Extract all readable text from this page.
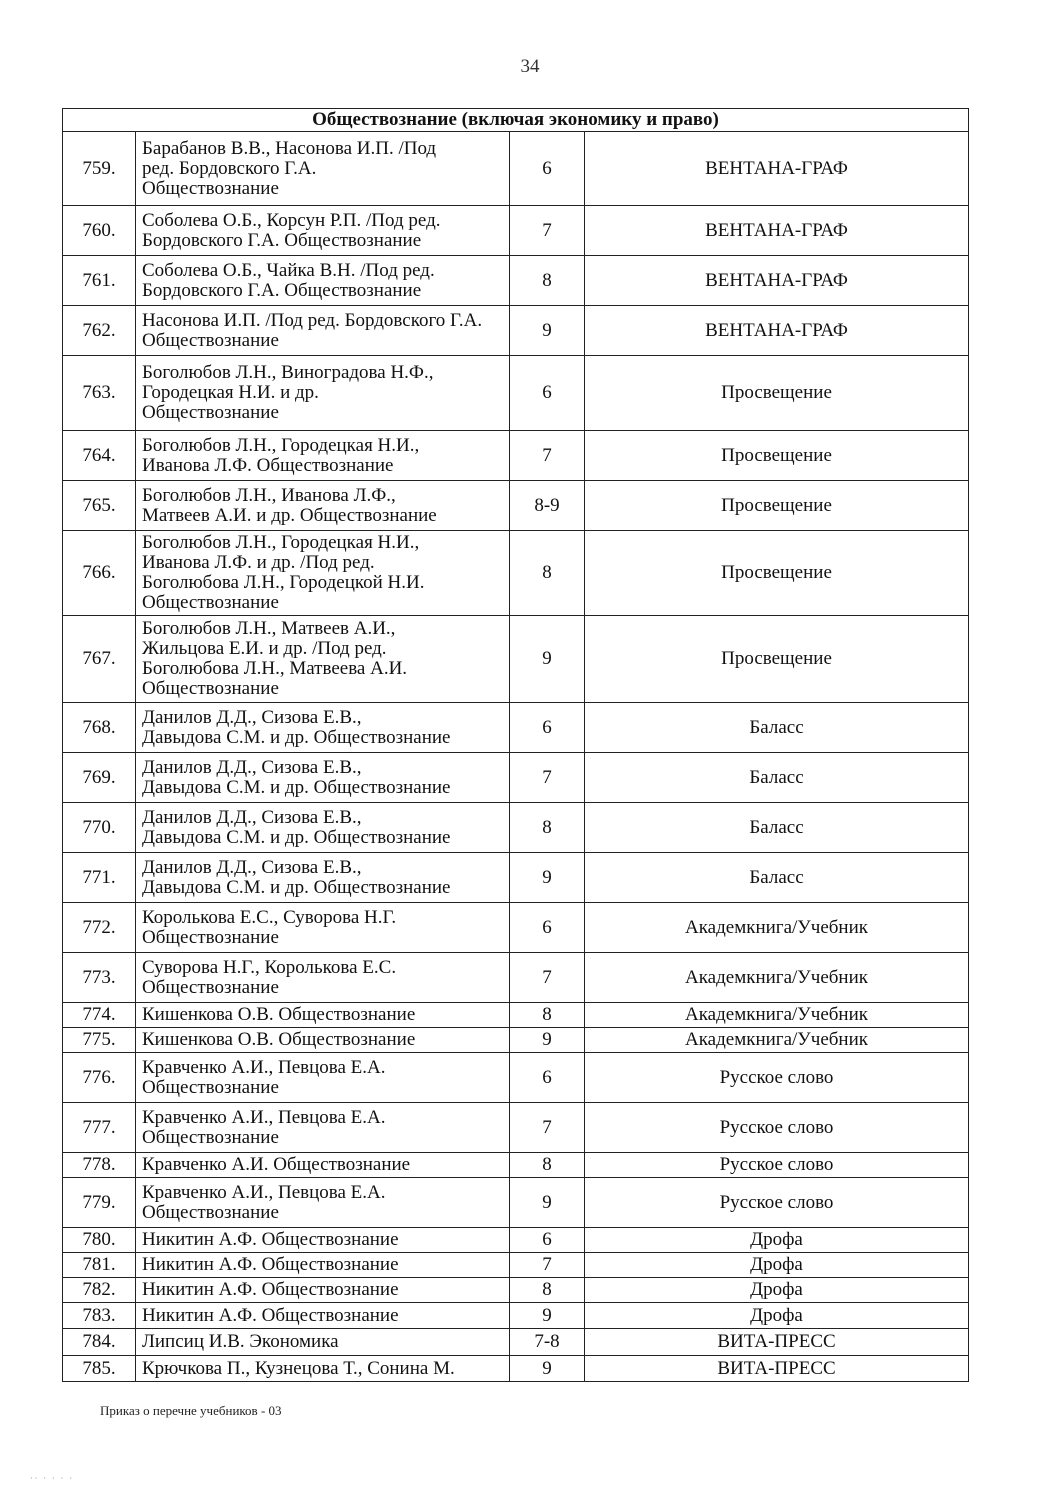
34
Обществознание (включая экономику и право)			
759.	Барабанов В.В., Насонова И.П. /Под
ред. Бордовского Г.А.
Обществознание	6	ВЕНТАНА-ГРАФ
760.	Соболева О.Б., Корсун Р.П. /Под ред.
Бордовского Г.А. Обществознание	7	ВЕНТАНА-ГРАФ
761.	Соболева О.Б., Чайка В.Н. /Под ред.
Бордовского Г.А. Обществознание	8	ВЕНТАНА-ГРАФ
762.	Насонова И.П. /Под ред. Бордовского Г.А.
Обществознание	9	ВЕНТАНА-ГРАФ
763.	Боголюбов Л.Н., Виноградова Н.Ф.,
Городецкая Н.И. и др.
Обществознание	6	Просвещение
764.	Боголюбов Л.Н., Городецкая Н.И.,
Иванова Л.Ф. Обществознание	7	Просвещение
765.	Боголюбов Л.Н., Иванова Л.Ф.,
Матвеев А.И. и др. Обществознание	8-9	Просвещение
766.	Боголюбов Л.Н., Городецкая Н.И.,
Иванова Л.Ф. и др. /Под ред.
Боголюбова Л.Н., Городецкой Н.И.
Обществознание	8	Просвещение
767.	Боголюбов Л.Н., Матвеев А.И.,
Жильцова Е.И. и др. /Под ред.
Боголюбова Л.Н., Матвеева А.И.
Обществознание	9	Просвещение
768.	Данилов Д.Д., Сизова Е.В.,
Давыдова С.М. и др. Обществознание	6	Баласс
769.	Данилов Д.Д., Сизова Е.В.,
Давыдова С.М. и др. Обществознание	7	Баласс
770.	Данилов Д.Д., Сизова Е.В.,
Давыдова С.М. и др. Обществознание	8	Баласс
771.	Данилов Д.Д., Сизова Е.В.,
Давыдова С.М. и др. Обществознание	9	Баласс
772.	Королькова Е.С., Суворова Н.Г.
Обществознание	6	Академкнига/Учебник
773.	Суворова Н.Г., Королькова Е.С.
Обществознание	7	Академкнига/Учебник
774.	Кишенкова О.В. Обществознание	8	Академкнига/Учебник
775.	Кишенкова О.В. Обществознание	9	Академкнига/Учебник
776.	Кравченко А.И., Певцова Е.А.
Обществознание	6	Русское слово
777.	Кравченко А.И., Певцова Е.А.
Обществознание	7	Русское слово
778.	Кравченко А.И. Обществознание	8	Русское слово
779.	Кравченко А.И., Певцова Е.А.
Обществознание	9	Русское слово
780.	Никитин А.Ф. Обществознание	6	Дрофа
781.	Никитин А.Ф. Обществознание	7	Дрофа
782.	Никитин А.Ф. Обществознание	8	Дрофа
783.	Никитин А.Ф. Обществознание	9	Дрофа
784.	Липсиц И.В. Экономика	7-8	ВИТА-ПРЕСС
785.	Крючкова П., Кузнецова Т., Сонина М.	9	ВИТА-ПРЕСС
Приказ о перечне учебников - 03
·· · · · ·
